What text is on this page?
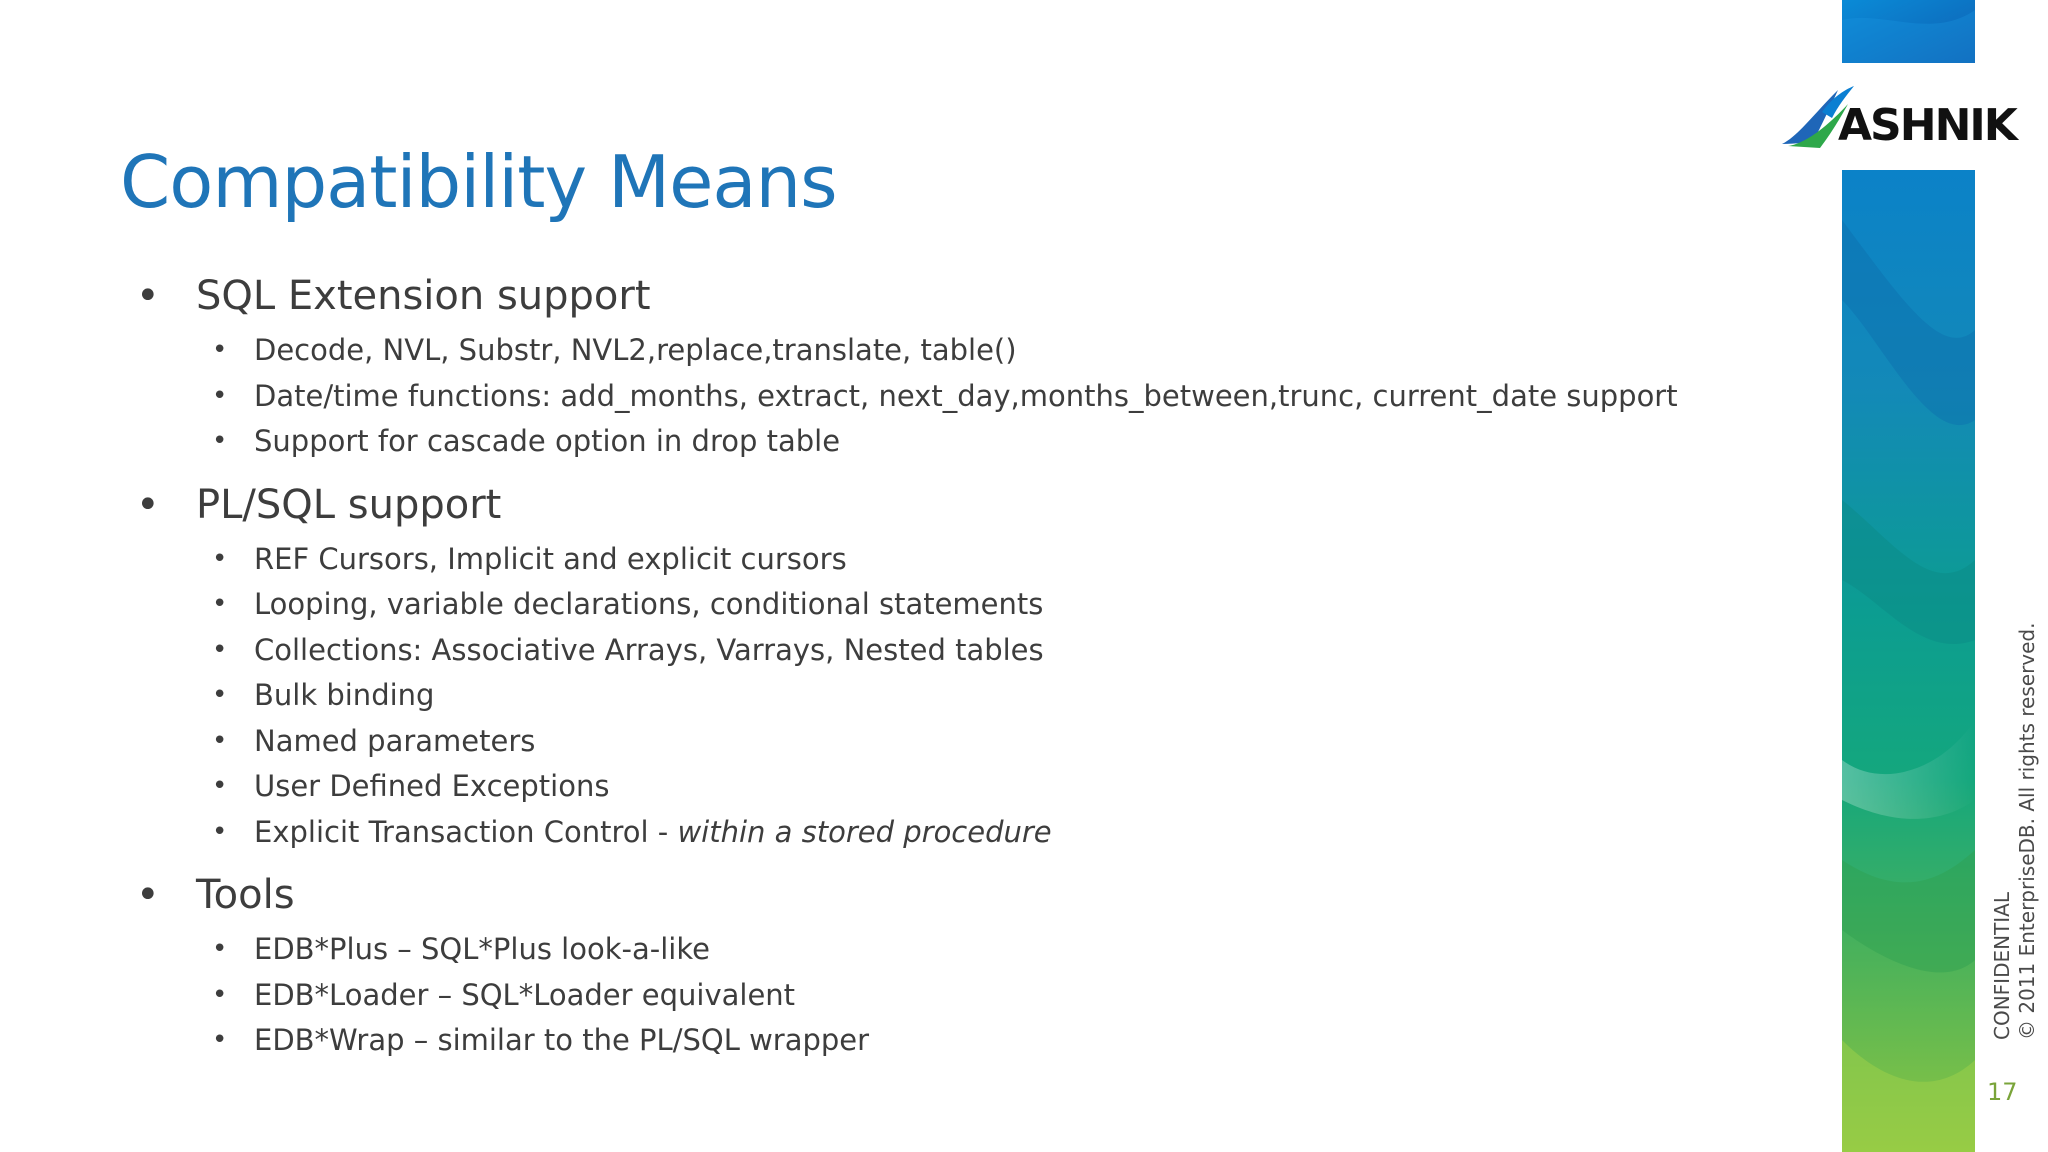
Compatibility Means
• SQL Extension support
• Decode, NVL, Substr, NVL2,replace,translate, table()
• Date/time functions: add_months, extract, next_day,months_between,trunc, current_date support
• Support for cascade option in drop table
• PL/SQL support
• REF Cursors, Implicit and explicit cursors
• Looping, variable declarations, conditional statements
• Collections: Associative Arrays, Varrays, Nested tables
• Bulk binding
• Named parameters
• User Defined Exceptions
• Explicit Transaction Control - within a stored procedure
• Tools
• EDB*Plus – SQL*Plus look-a-like
• EDB*Loader – SQL*Loader equivalent
• EDB*Wrap – similar to the PL/SQL wrapper
ASHNIK
CONFIDENTIAL © 2011 EnterpriseDB. All rights reserved.
17
